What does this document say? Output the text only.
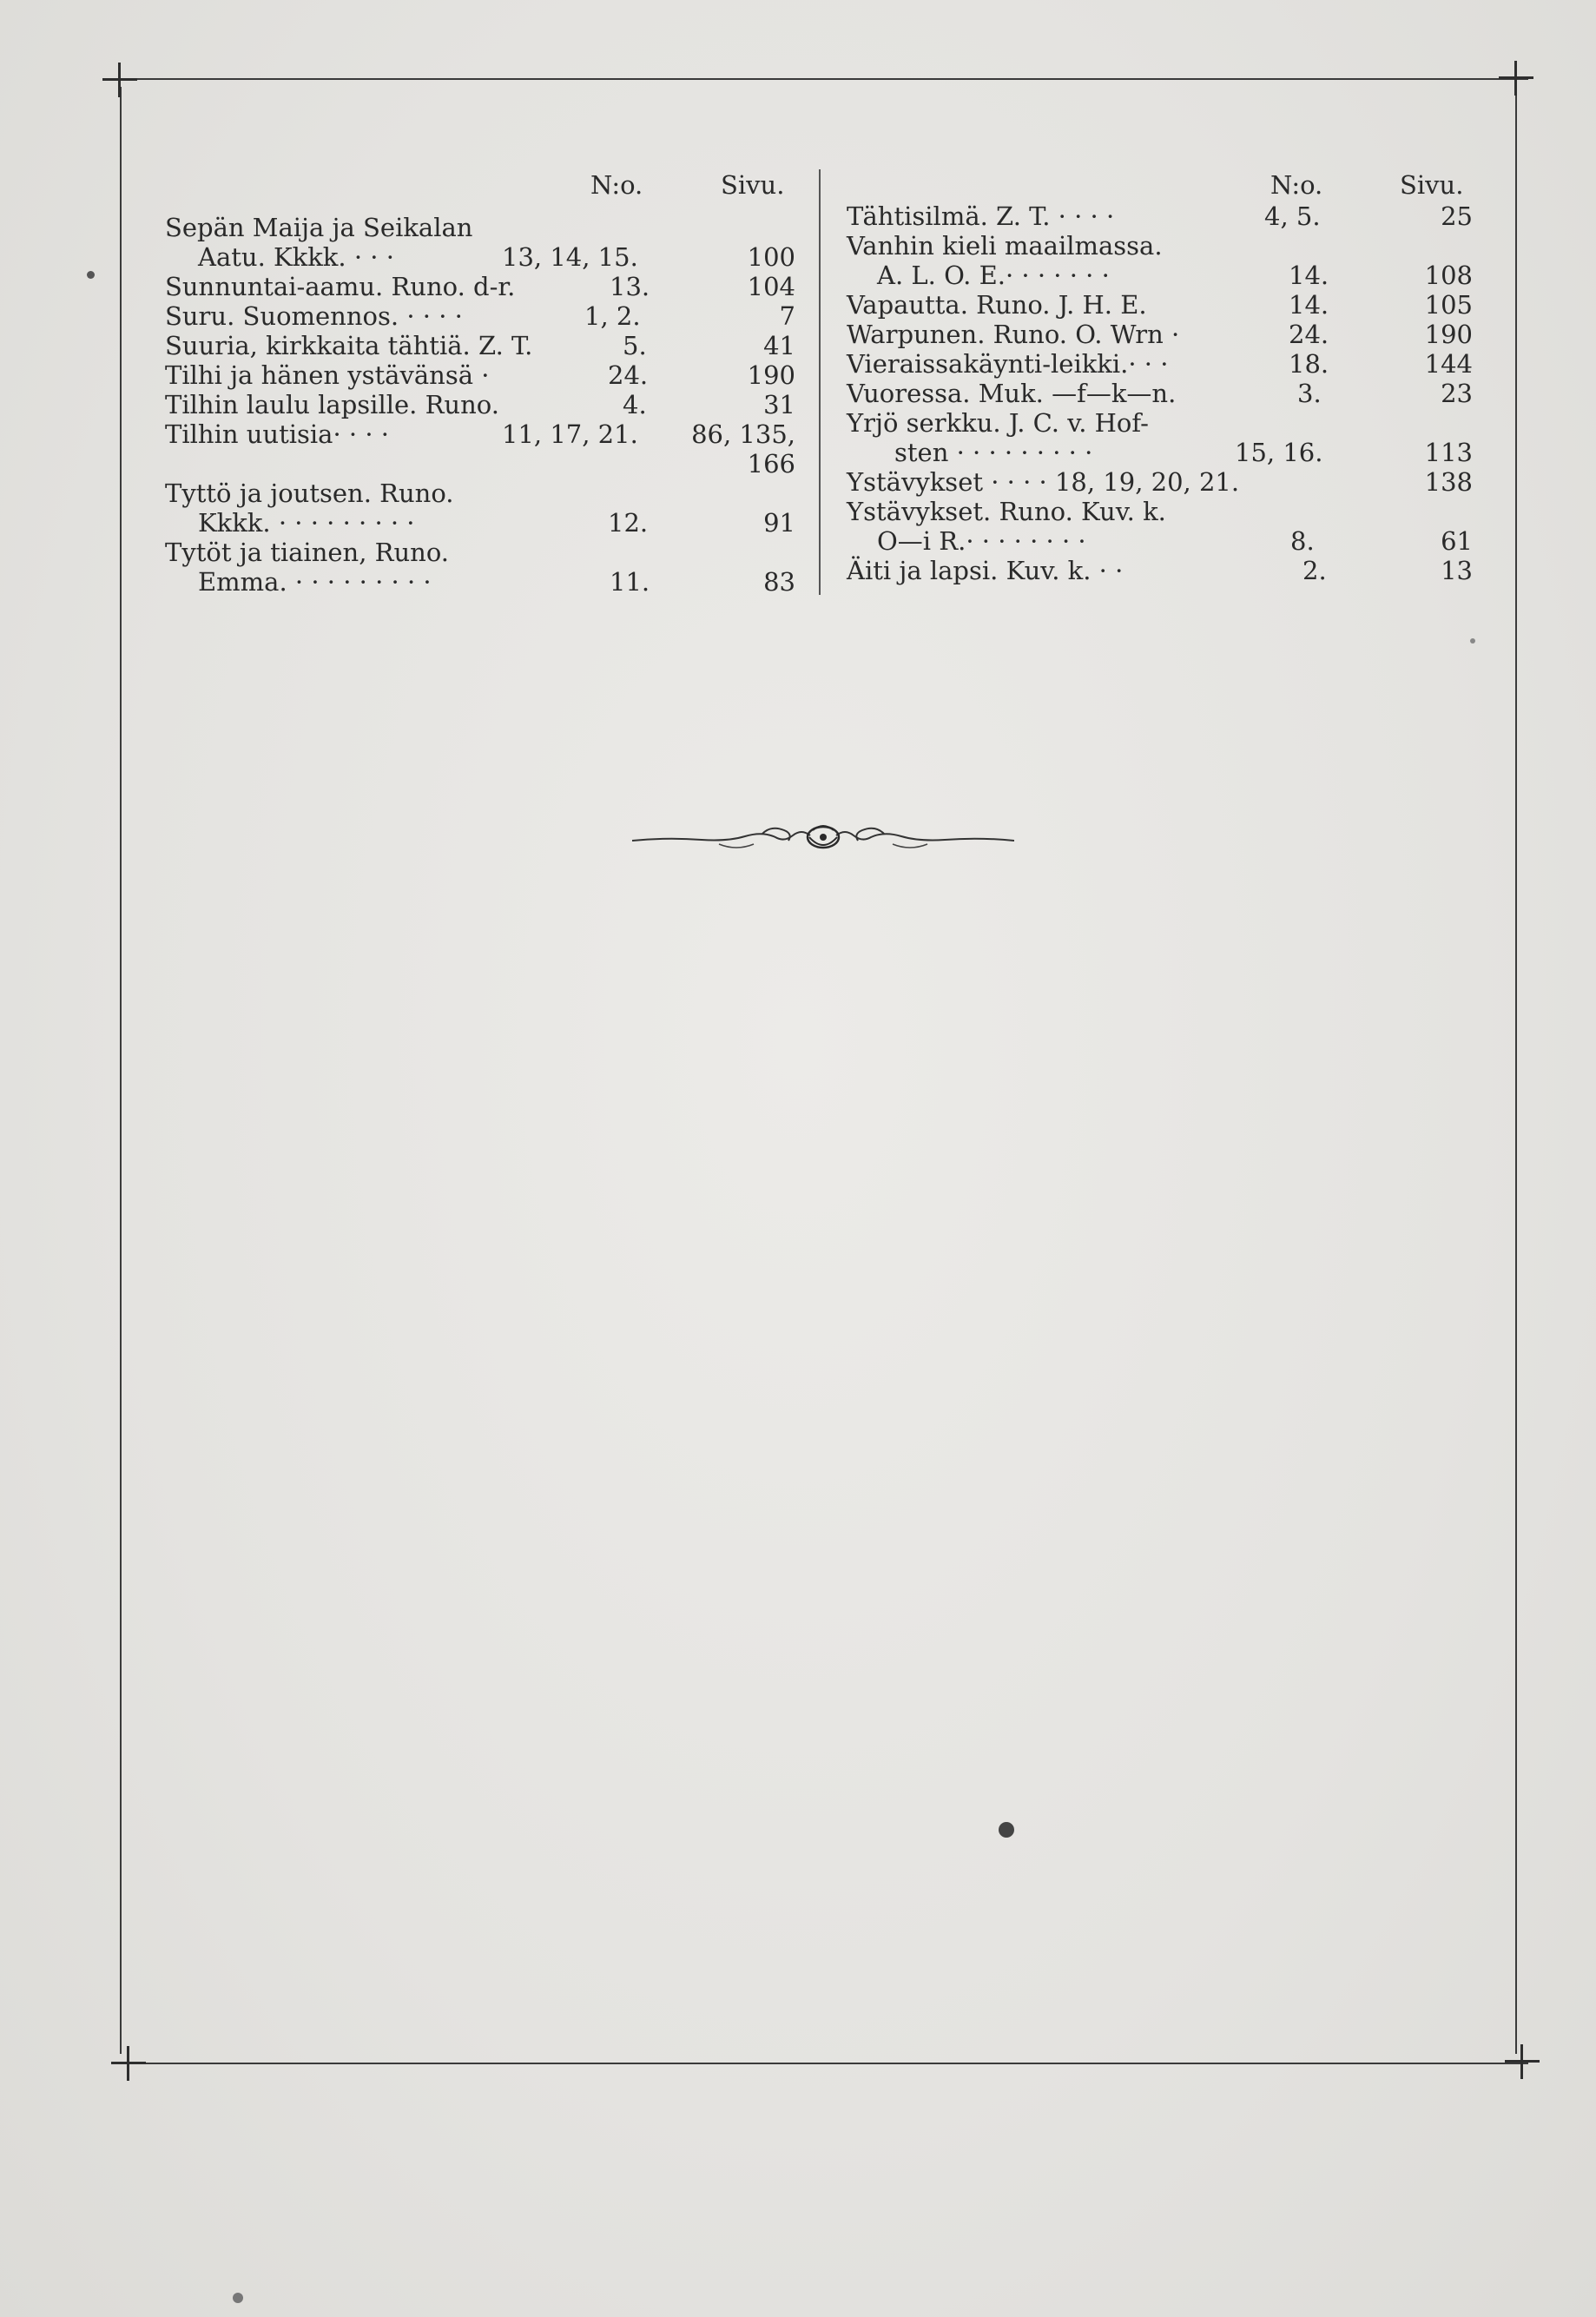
N:o.	Sivu.	N:o.	Sivu.
Sepän Maija ja Seikalan
Aatu. Kkkk. · · ·	13, 14, 15.	100
Sunnuntai-aamu. Runo. d-r.	13.	104
Suru. Suomennos. · · · ·	1, 2.	7
Suuria, kirkkaita tähtiä. Z. T.	5.	41
Tilhi ja hänen ystävänsä ·	24.	190
Tilhin laulu lapsille. Runo.	4.	31
Tilhin uutisia· · · ·	11, 17, 21.	86, 135,
166
Tyttö ja joutsen. Runo.
Kkkk. · · · · · · · · ·	12.	91
Tytöt ja tiainen, Runo.
Emma. · · · · · · · · ·	11.	83
Tähtisilmä. Z. T. · · · ·	4, 5.	25
Vanhin kieli maailmassa.
A. L. O. E.· · · · · · ·	14.	108
Vapautta. Runo. J. H. E.	14.	105
Warpunen. Runo. O. Wrn ·	24.	190
Vieraissakäynti-leikki.· · ·	18.	144
Vuoressa. Muk. —f—k—n.	3.	23
Yrjö serkku. J. C. v. Hof-
sten · · · · · · · · ·	15, 16.	113
Ystävykset · · · · 18, 19, 20, 21.	138
Ystävykset. Runo. Kuv. k.
O—i R.· · · · · · · ·	8.	61
Äiti ja lapsi. Kuv. k. · ·	2.	13
